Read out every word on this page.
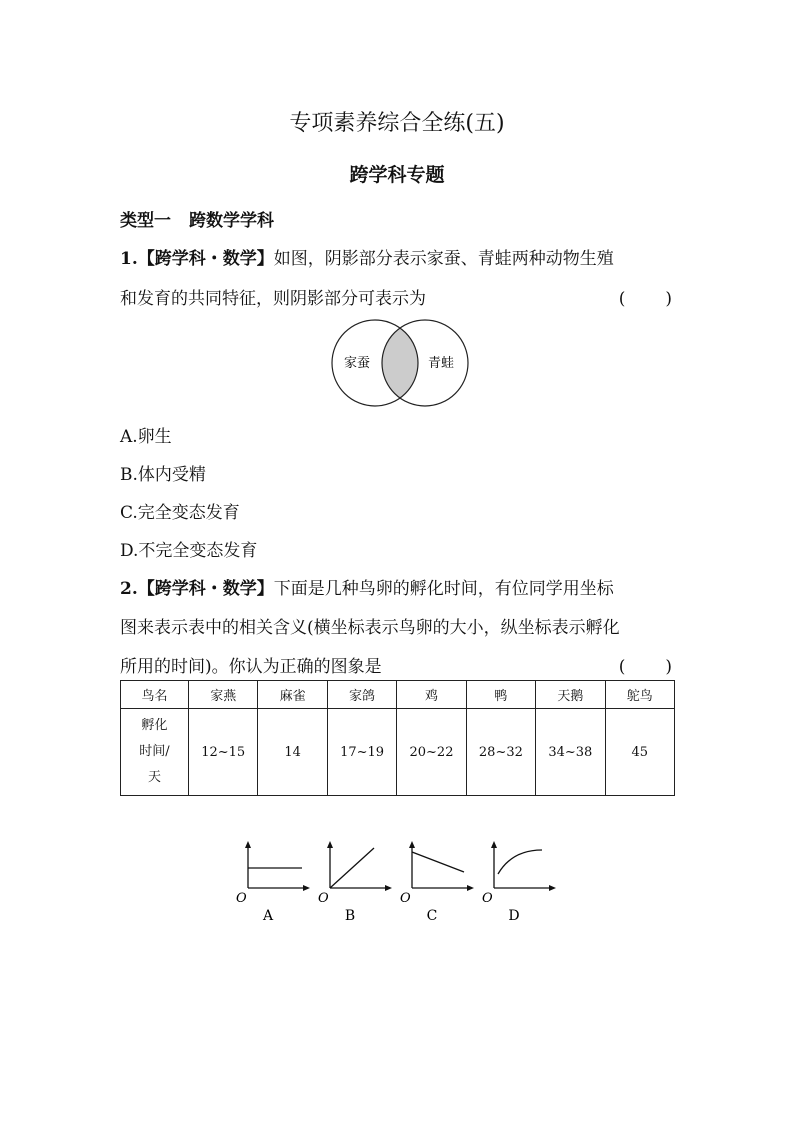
专项素养综合全练(五)
跨学科专题
类型一 跨数学学科
1.【跨学科・数学】如图，阴影部分表示家蚕、青蛙两种动物生殖
和发育的共同特征，则阴影部分可表示为	(　　)
家蚕	青蛙
A.卵生
B.体内受精
C.完全变态发育
D.不完全变态发育
2.【跨学科・数学】下面是几种鸟卵的孵化时间，有位同学用坐标
图来表示表中的相关含义(横坐标表示鸟卵的大小，纵坐标表示孵化
所用的时间)。你认为正确的图象是	(　　)
鸟名	家燕	麻雀	家鸽	鸡	鸭	天鹅	鸵鸟

孵化
时间/
天	12~15	14	17~19	20~22	28~32	34~38	45
O
A
O
B
O
C
O
D
